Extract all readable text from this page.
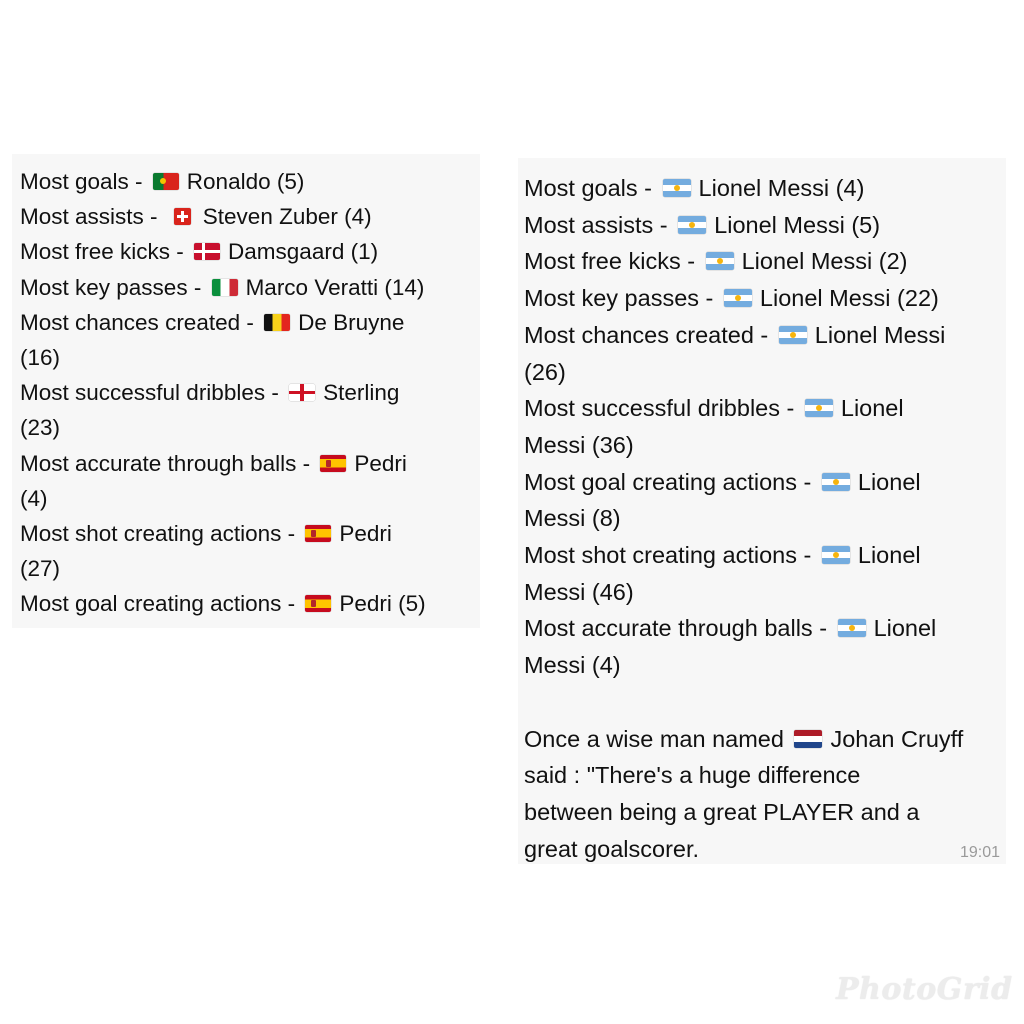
Most goals - Ronaldo (5)
Most assists - Steven Zuber (4)
Most free kicks - Damsgaard (1)
Most key passes - Marco Veratti (14)
Most chances created - De Bruyne
(16)
Most successful dribbles - Sterling
(23)
Most accurate through balls - Pedri
(4)
Most shot creating actions - Pedri
(27)
Most goal creating actions - Pedri (5)
Most goals - Lionel Messi (4)
Most assists - Lionel Messi (5)
Most free kicks - Lionel Messi (2)
Most key passes - Lionel Messi (22)
Most chances created - Lionel Messi
(26)
Most successful dribbles - Lionel
Messi (36)
Most goal creating actions - Lionel
Messi (8)
Most shot creating actions - Lionel
Messi (46)
Most accurate through balls - Lionel
Messi (4)
Once a wise man named Johan Cruyff
said : "There's a huge difference
between being a great PLAYER and a
great goalscorer.	19:01
PhotoGrid
